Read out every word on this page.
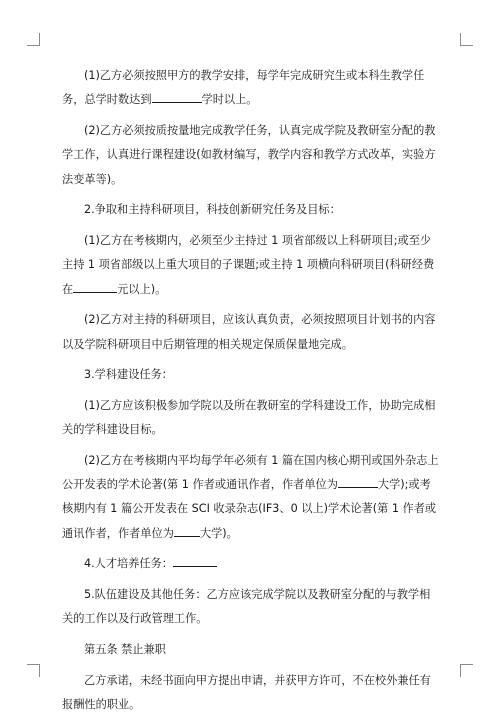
(1)乙方必须按照甲方的教学安排，每学年完成研究生或本科生教学任务，总学时数达到	学时以上。

(2)乙方必须按质按量地完成教学任务，认真完成学院及教研室分配的教学工作，认真进行课程建设(如教材编写，教学内容和教学方式改革，实验方法变革等)。

2.争取和主持科研项目，科技创新研究任务及目标：

(1)乙方在考核期内，必须至少主持过 1 项省部级以上科研项目;或至少主持 1 项省部级以上重大项目的子课题;或主持 1 项横向科研项目(科研经费在	元以上)。

(2)乙方对主持的科研项目，应该认真负责，必须按照项目计划书的内容以及学院科研项目中后期管理的相关规定保质保量地完成。

3.学科建设任务：

(1)乙方应该积极参加学院以及所在教研室的学科建设工作，协助完成相关的学科建设目标。

(2)乙方在考核期内平均每学年必须有 1 篇在国内核心期刊或国外杂志上公开发表的学术论著(第 1 作者或通讯作者，作者单位为	大学);或考核期内有 1 篇公开发表在 SCI 收录杂志(IF3、0 以上)学术论著(第 1 作者或通讯作者，作者单位为 大学)。

4.人才培养任务：

5.队伍建设及其他任务：乙方应该完成学院以及教研室分配的与教学相关的工作以及行政管理工作。

第五条 禁止兼职

乙方承诺，未经书面向甲方提出申请，并获甲方许可，不在校外兼任有报酬性的职业。
